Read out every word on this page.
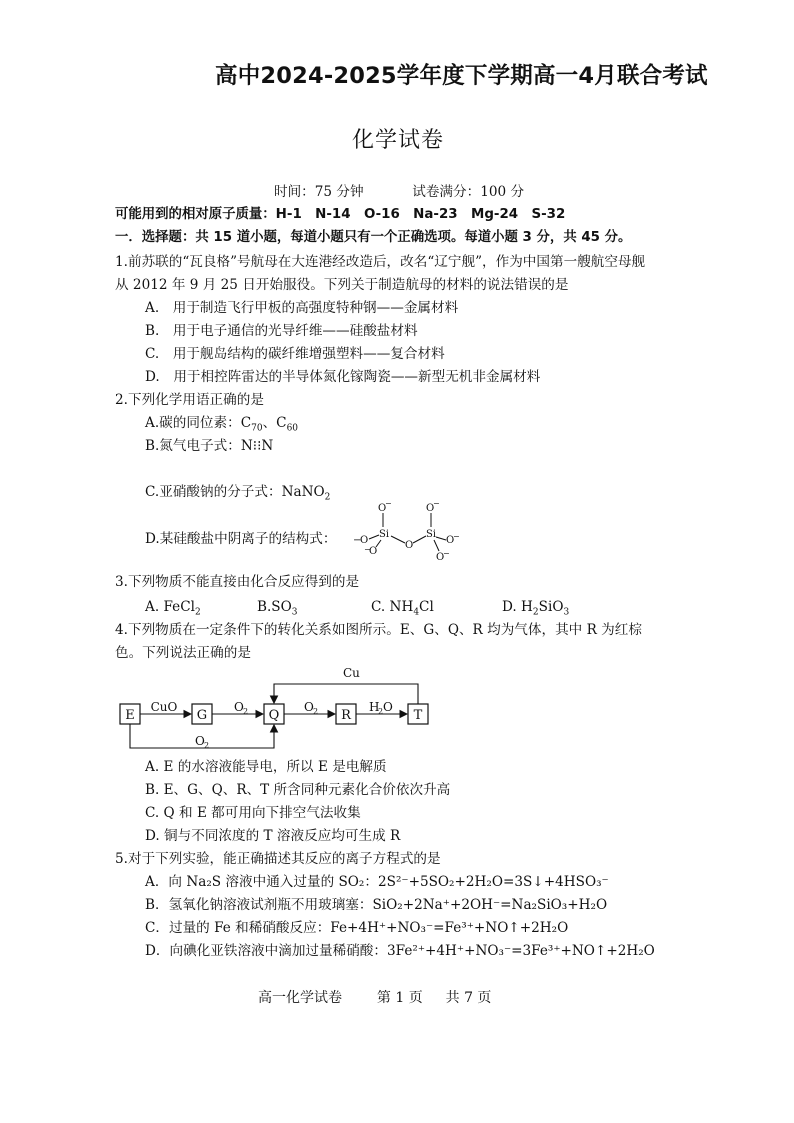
高中2024-2025学年度下学期高一4月联合考试
化学试卷
时间：75 分钟	试卷满分：100 分
可能用到的相对原子质量：H-1　N-14　O-16　Na-23　Mg-24　S-32
一．选择题：共 15 道小题，每道小题只有一个正确选项。每道小题 3 分，共 45 分。
1.前苏联的“瓦良格”号航母在大连港经改造后，改名“辽宁舰”，作为中国第一艘航空母舰
从 2012 年 9 月 25 日开始服役。下列关于制造航母的材料的说法错误的是
A.　用于制造飞行甲板的高强度特种钢——金属材料
B.　用于电子通信的光导纤维——硅酸盐材料
C.　用于舰岛结构的碳纤维增强塑料——复合材料
D.　用于相控阵雷达的半导体氮化镓陶瓷——新型无机非金属材料
2.下列化学用语正确的是
A.碳的同位素：$C_{70}$、$C_{60}$
B.氮气电子式：N⁝⁝N
C.亚硝酸钠的分子式：NaNO$_2$
D.某硅酸盐中阴离子的结构式： −
O
O
−
Si
O
−	O
O
−
Si
O
−
O
−
3.下列物质不能直接由化合反应得到的是
A. FeCl$_2$	$B.SO_3$	C. $NH_4Cl$	D. $H_2SiO_3$
4.下列物质在一定条件下的转化关系如图所示。E、G、Q、R 均为气体，其中 R 为红棕
色。下列说法正确的是
E	G	Q	R	T
CuO	O 2	O 2	H
2 O
Cu
O 2
A. E 的水溶液能导电，所以 E 是电解质
B. E、G、Q、R、T 所含同种元素化合价依次升高
C. Q 和 E 都可用向下排空气法收集
D. 铜与不同浓度的 T 溶液反应均可生成 R
5.对于下列实验，能正确描述其反应的离子方程式的是
A．向 Na₂S 溶液中通入过量的 SO₂：2S²⁻+5SO₂+2H₂O=3S↓+4HSO₃⁻
B．氢氧化钠溶液试剂瓶不用玻璃塞：SiO₂+2Na⁺+2OH⁻=Na₂SiO₃+H₂O
C．过量的 Fe 和稀硝酸反应：Fe+4H⁺+NO₃⁻=Fe³⁺+NO↑+2H₂O
D．向碘化亚铁溶液中滴加过量稀硝酸：3Fe²⁺+4H⁺+NO₃⁻=3Fe³⁺+NO↑+2H₂O
高一化学试卷 第 1 页 共 7 页
